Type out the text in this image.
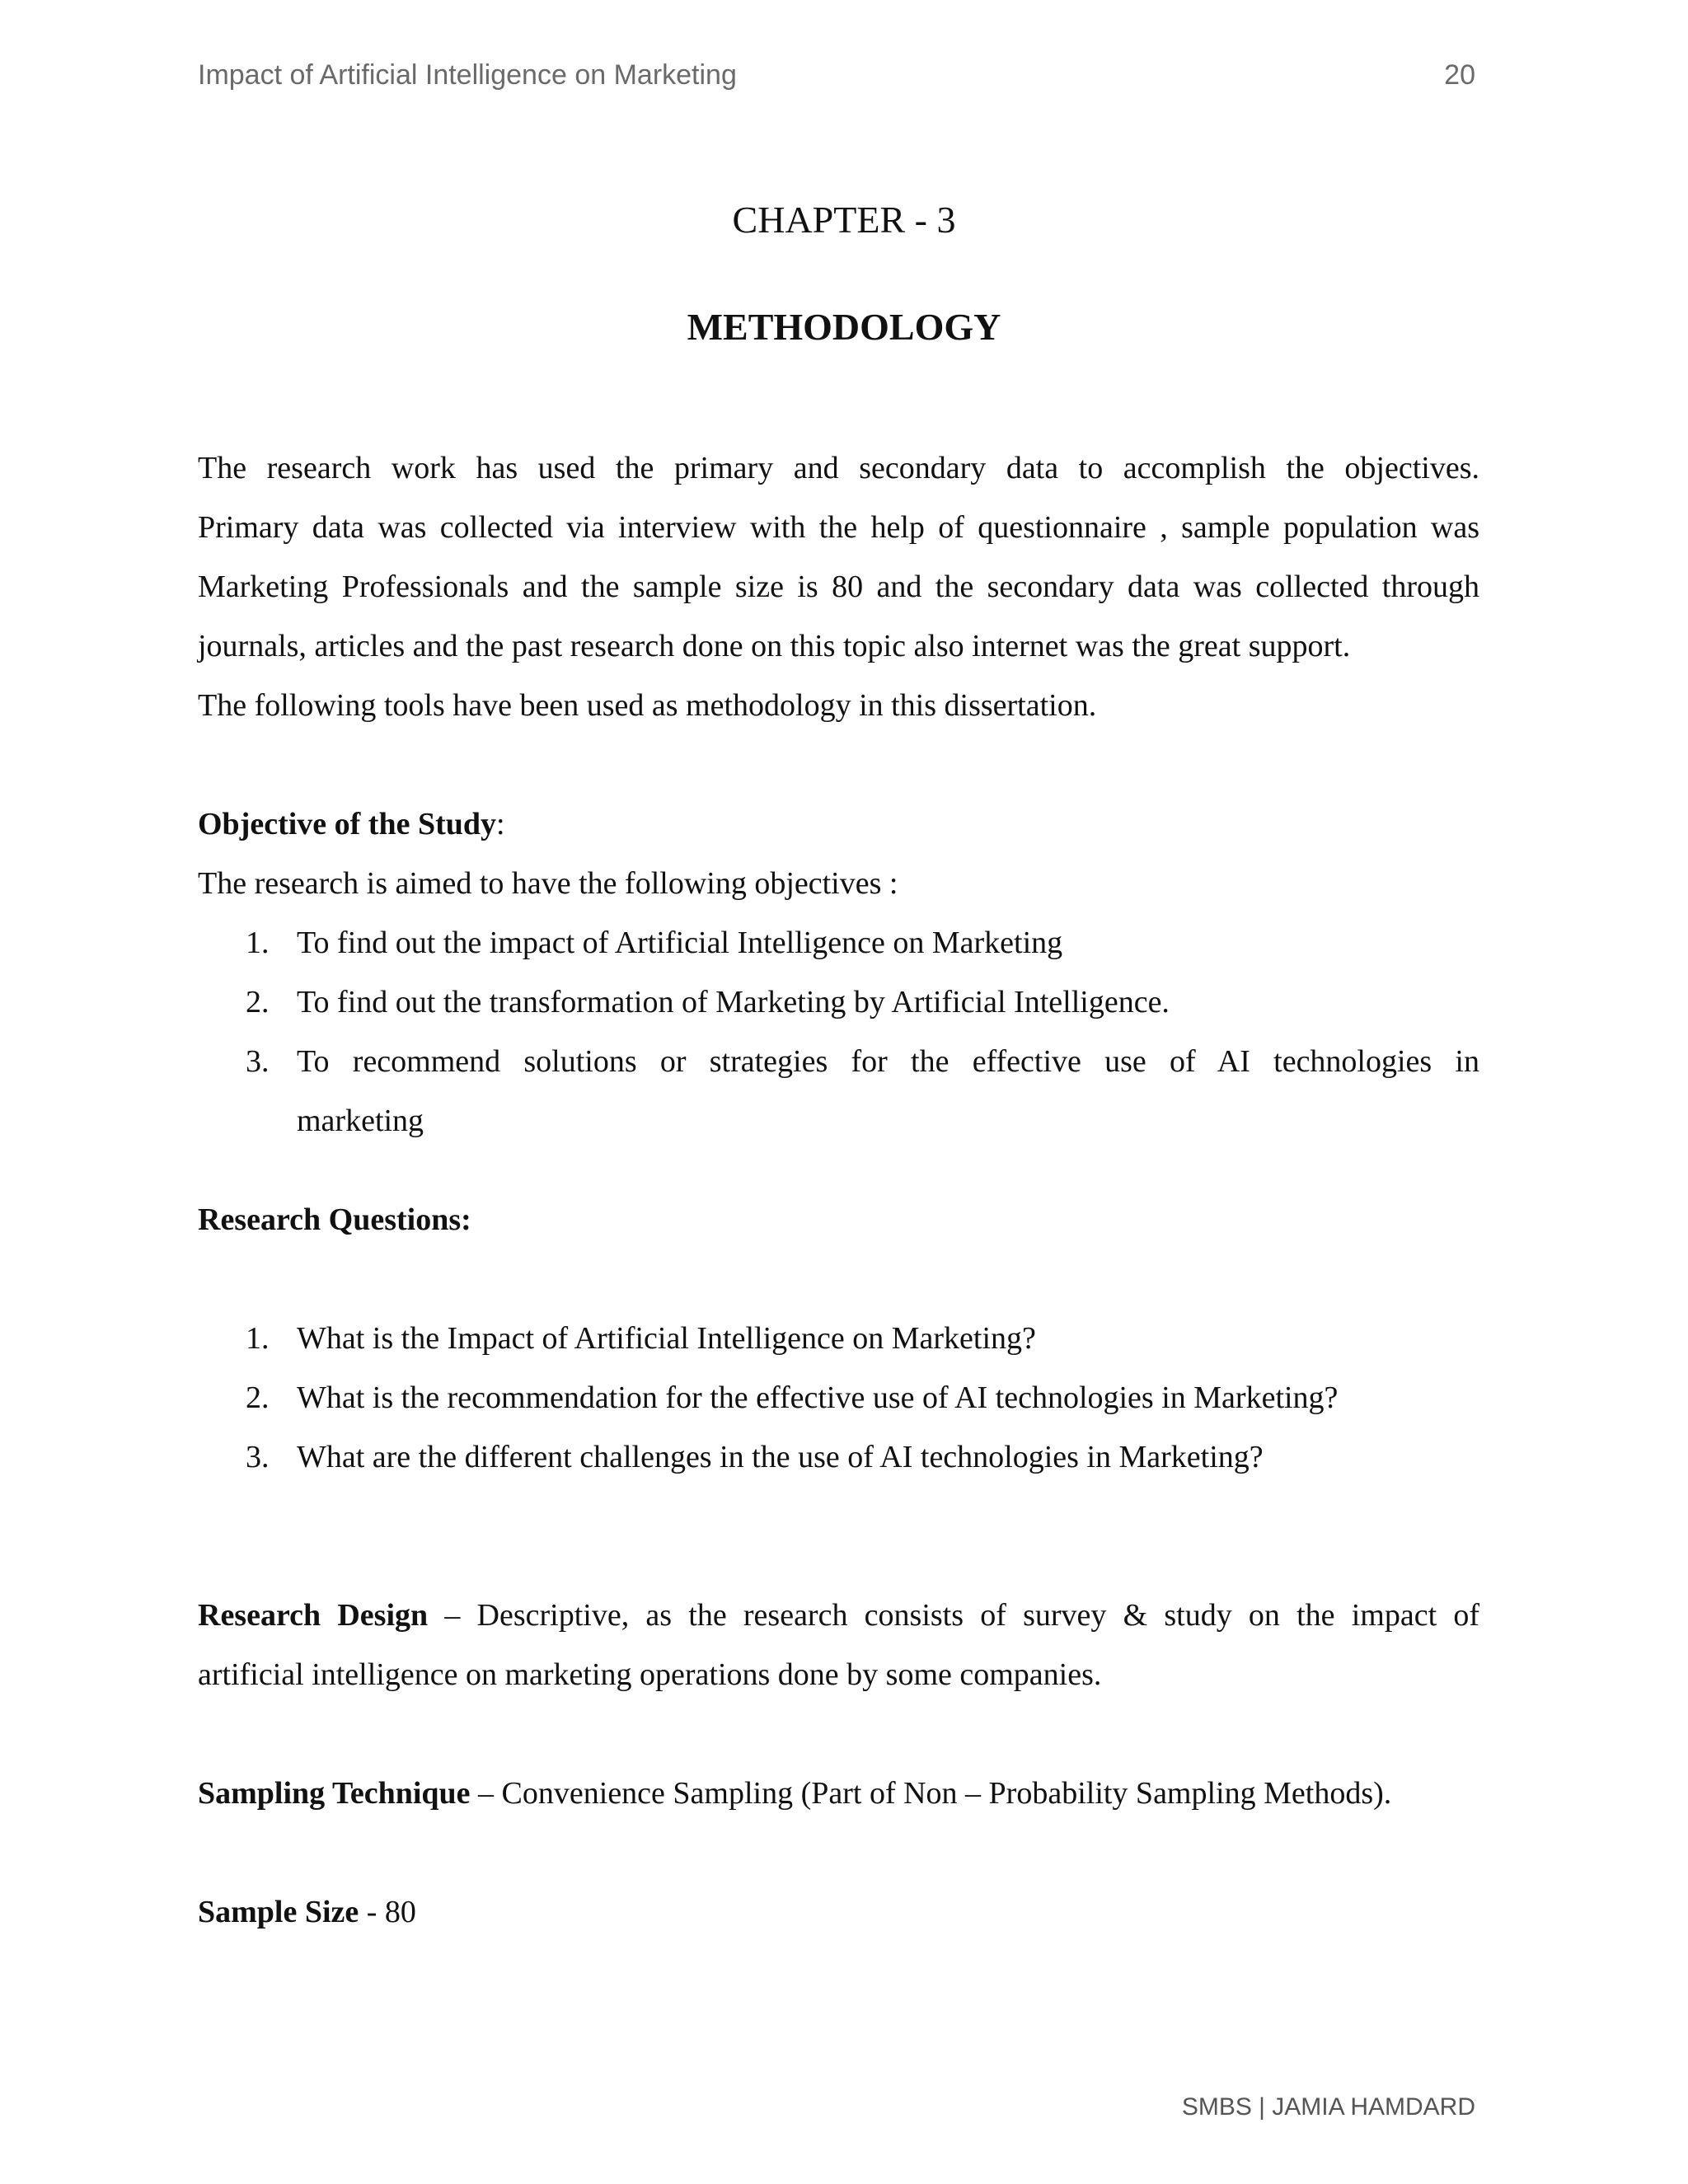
Impact of Artificial Intelligence on Marketing	20
CHAPTER - 3
METHODOLOGY
The research work has used the primary and secondary data to accomplish the objectives.
Primary data was collected via interview with the help of questionnaire , sample population was
Marketing Professionals and the sample size is 80 and the secondary data was collected through
journals, articles and the past research done on this topic also internet was the great support.
The following tools have been used as methodology in this dissertation.
Objective of the Study:
The research is aimed to have the following objectives :
1. To find out the impact of Artificial Intelligence on Marketing
2. To find out the transformation of Marketing by Artificial Intelligence.
3. To recommend solutions or strategies for the effective use of AI technologies in
marketing
Research Questions:
1. What is the Impact of Artificial Intelligence on Marketing?
2. What is the recommendation for the effective use of AI technologies in Marketing?
3. What are the different challenges in the use of AI technologies in Marketing?
Research Design – Descriptive, as the research consists of survey & study on the impact of
artificial intelligence on marketing operations done by some companies.
Sampling Technique – Convenience Sampling (Part of Non – Probability Sampling Methods).
Sample Size - 80
SMBS | JAMIA HAMDARD
